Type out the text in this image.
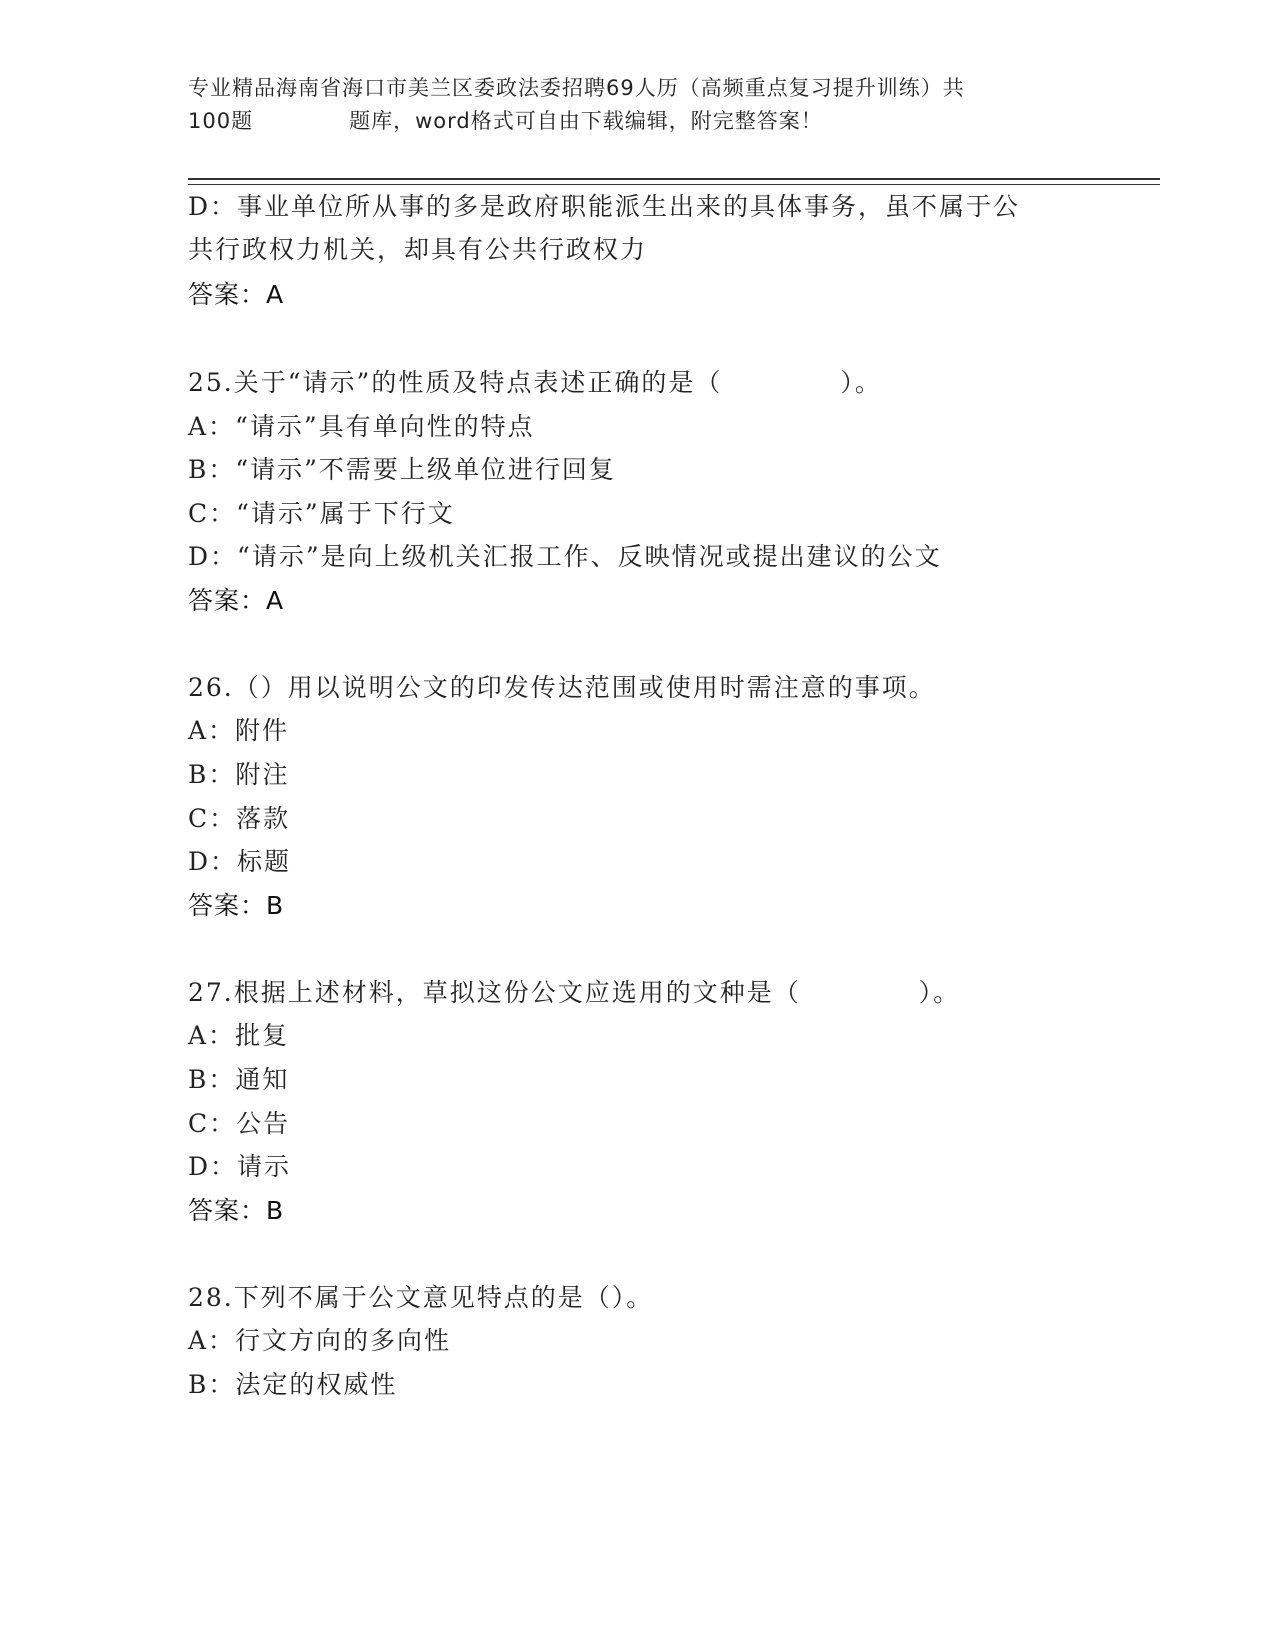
专业精品海南省海口市美兰区委政法委招聘69人历（高频重点复习提升训练）共
100题	题库，word格式可自由下载编辑，附完整答案！
D：事业单位所从事的多是政府职能派生出来的具体事务，虽不属于公
共行政权力机关，却具有公共行政权力
答案：A
25.关于“请示”的性质及特点表述正确的是（	）。
A：“请示”具有单向性的特点
B：“请示”不需要上级单位进行回复
C：“请示”属于下行文
D：“请示”是向上级机关汇报工作、反映情况或提出建议的公文
答案：A
26.（）用以说明公文的印发传达范围或使用时需注意的事项。
A：附件
B：附注
C：落款
D：标题
答案：B
27.根据上述材料，草拟这份公文应选用的文种是（	）。
A：批复
B：通知
C：公告
D：请示
答案：B
28.下列不属于公文意见特点的是（）。
A：行文方向的多向性
B：法定的权威性
